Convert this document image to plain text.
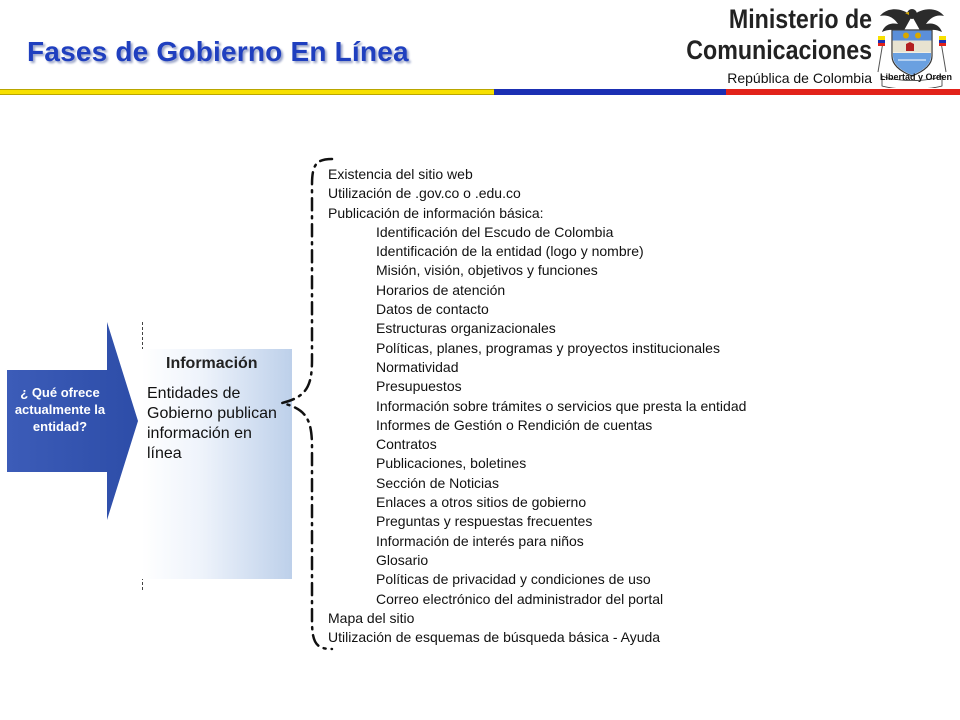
Fases de Gobierno En Línea
Ministerio de
Comunicaciones
República de Colombia Libertad y Orden
¿ Qué ofrece actualmente la entidad?
Información
Entidades de Gobierno publican información en línea
Existencia del sitio web
Utilización de .gov.co o .edu.co
Publicación de información básica:
Identificación del Escudo de Colombia
Identificación de la entidad (logo y nombre)
Misión, visión, objetivos y funciones
Horarios de atención
Datos de contacto
Estructuras organizacionales
Políticas, planes, programas y proyectos institucionales
Normatividad
Presupuestos
Información sobre trámites o servicios que presta la entidad
Informes de Gestión o Rendición de cuentas
Contratos
Publicaciones, boletines
Sección de Noticias
Enlaces a otros sitios de gobierno
Preguntas y respuestas frecuentes
Información de interés para niños
Glosario
Políticas de privacidad y condiciones de uso
Correo electrónico del administrador del portal
Mapa del sitio
Utilización de esquemas de búsqueda básica - Ayuda
